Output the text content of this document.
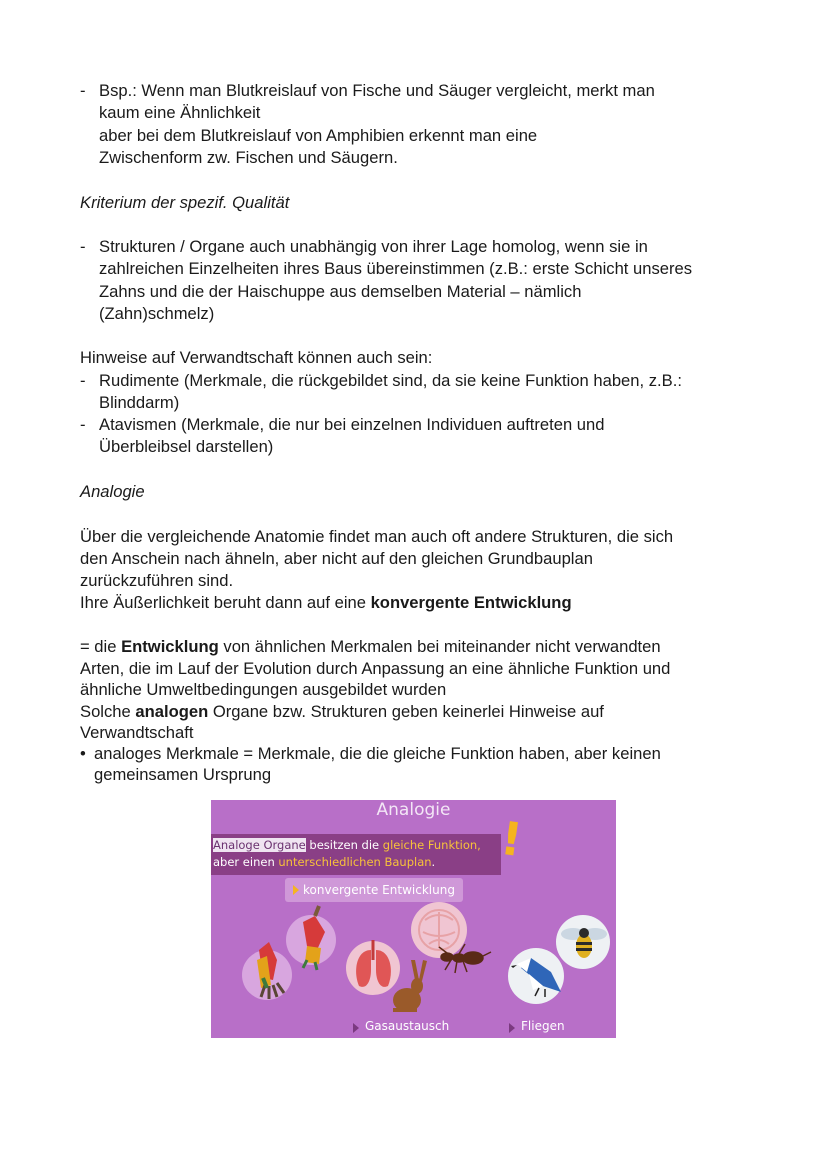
- Bsp.: Wenn man Blutkreislauf von Fische und Säuger vergleicht, merkt man
kaum eine Ähnlichkeit
aber bei dem Blutkreislauf von Amphibien erkennt man eine
Zwischenform zw. Fischen und Säugern.
Kriterium der spezif. Qualität
- Strukturen / Organe auch unabhängig von ihrer Lage homolog, wenn sie in
zahlreichen Einzelheiten ihres Baus übereinstimmen (z.B.: erste Schicht unseres
Zahns und die der Haischuppe aus demselben Material – nämlich
(Zahn)schmelz)
Hinweise auf Verwandtschaft können auch sein:
- Rudimente (Merkmale, die rückgebildet sind, da sie keine Funktion haben, z.B.:
Blinddarm)
- Atavismen (Merkmale, die nur bei einzelnen Individuen auftreten und
Überbleibsel darstellen)
Analogie
Über die vergleichende Anatomie findet man auch oft andere Strukturen, die sich
den Anschein nach ähneln, aber nicht auf den gleichen Grundbauplan
zurückzuführen sind.
Ihre Äußerlichkeit beruht dann auf eine konvergente Entwicklung
= die Entwicklung von ähnlichen Merkmalen bei miteinander nicht verwandten
Arten, die im Lauf der Evolution durch Anpassung an eine ähnliche Funktion und
ähnliche Umweltbedingungen ausgebildet wurden
Solche analogen Organe bzw. Strukturen geben keinerlei Hinweise auf
Verwandtschaft
• analoges Merkmale = Merkmale, die die gleiche Funktion haben, aber keinen
gemeinsamen Ursprung
Analogie
Analoge Organe besitzen die gleiche Funktion,
aber einen unterschiedlichen Bauplan. !
konvergente Entwicklung
Gasaustausch	Fliegen
